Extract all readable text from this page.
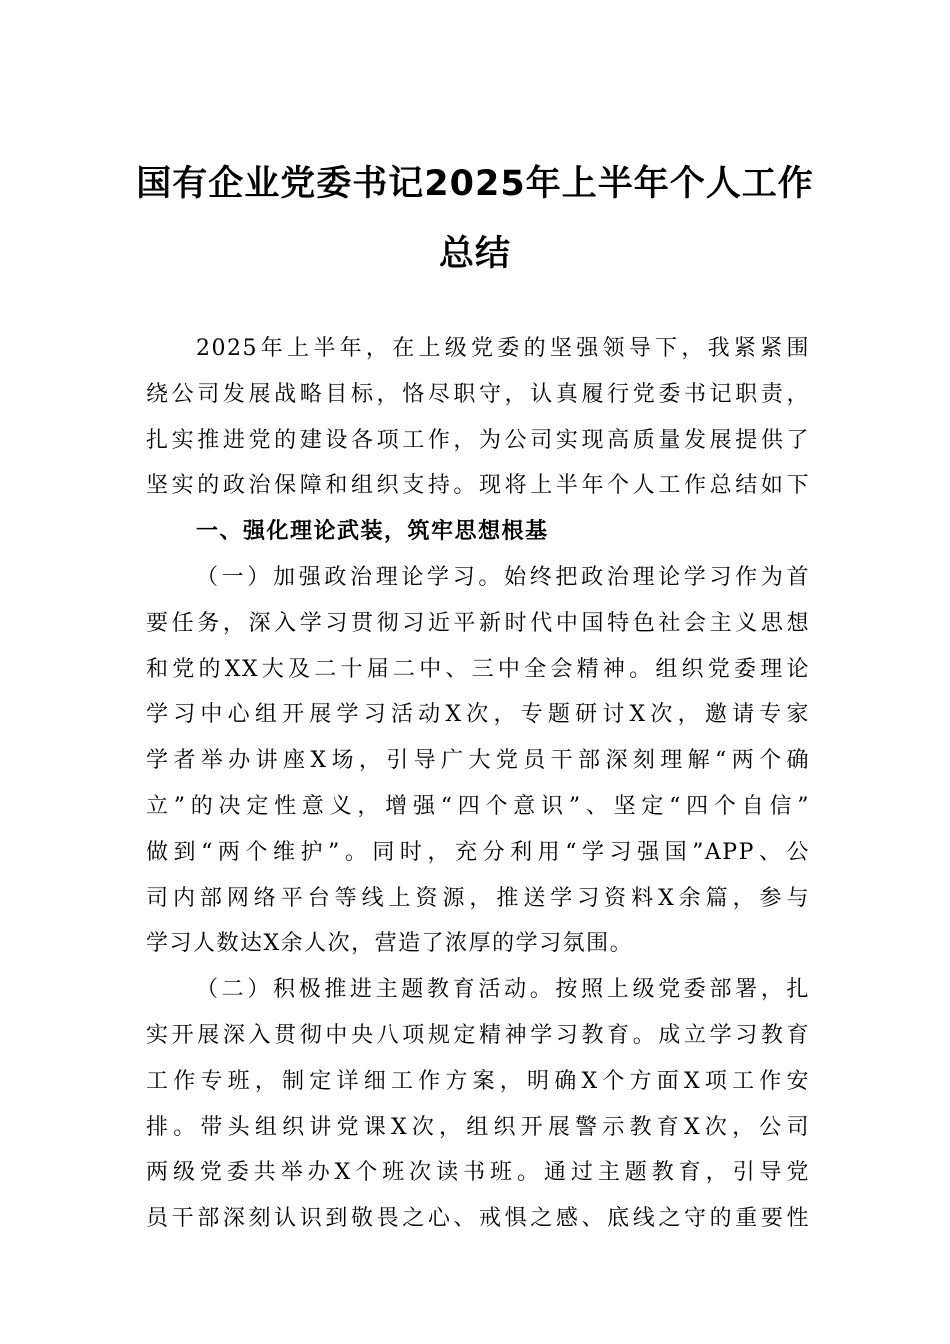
国有企业党委书记2025年上半年个人工作
总结
2025年上半年，在上级党委的坚强领导下，我紧紧围
绕公司发展战略目标，恪尽职守，认真履行党委书记职责，
扎实推进党的建设各项工作，为公司实现高质量发展提供了
坚实的政治保障和组织支持。现将上半年个人工作总结如下
一、强化理论武装，筑牢思想根基
（一）加强政治理论学习。始终把政治理论学习作为首
要任务，深入学习贯彻习近平新时代中国特色社会主义思想
和党的XX大及二十届二中、三中全会精神。组织党委理论
学习中心组开展学习活动X次，专题研讨X次，邀请专家
学者举办讲座X场，引导广大党员干部深刻理解“两个确
立”的决定性意义，增强“四个意识”、坚定“四个自信”
做到“两个维护”。同时，充分利用“学习强国”APP、公
司内部网络平台等线上资源，推送学习资料X余篇，参与
学习人数达X余人次，营造了浓厚的学习氛围。
（二）积极推进主题教育活动。按照上级党委部署，扎
实开展深入贯彻中央八项规定精神学习教育。成立学习教育
工作专班，制定详细工作方案，明确X个方面X项工作安
排。带头组织讲党课X次，组织开展警示教育X次，公司
两级党委共举办X个班次读书班。通过主题教育，引导党
员干部深刻认识到敬畏之心、戒惧之感、底线之守的重要性
